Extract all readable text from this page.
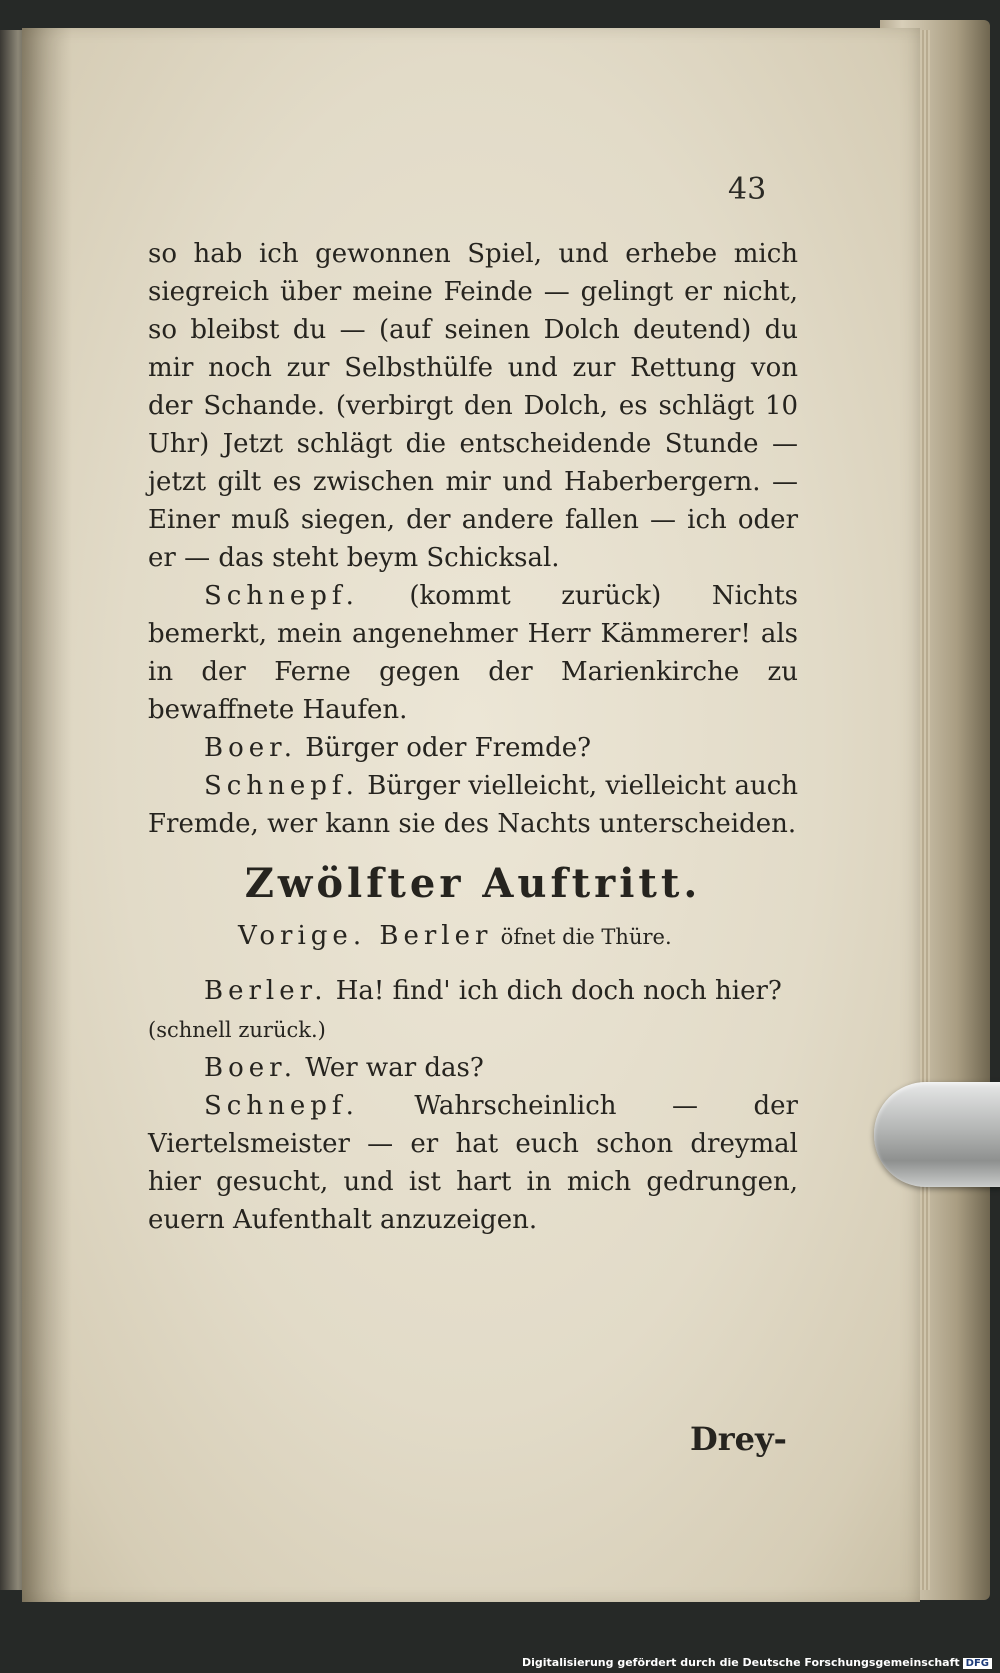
43

so hab ich gewonnen Spiel, und erhebe mich siegreich über meine Feinde — gelingt er nicht, so bleibst du — (auf seinen Dolch deutend) du mir noch zur Selbsthülfe und zur Rettung von der Schande. (verbirgt den Dolch, es schlägt 10 Uhr) Jetzt schlägt die entscheidende Stunde — jetzt gilt es zwischen mir und Haberbergern. — Einer muß siegen, der andere fallen — ich oder er — das steht beym Schicksal.

Schnepf. (kommt zurück) Nichts bemerkt, mein angenehmer Herr Kämmerer! als in der Ferne gegen der Marienkirche zu bewaffnete Haufen.

Boer. Bürger oder Fremde?

Schnepf. Bürger vielleicht, vielleicht auch Fremde, wer kann sie des Nachts unterscheiden.

Zwölfter Auftritt.

Vorige. Berler öfnet die Thüre.

Berler. Ha! find' ich dich doch noch hier?
(schnell zurück.)

Boer. Wer war das?

Schnepf. Wahrscheinlich — der Viertelsmeister — er hat euch schon dreymal hier gesucht, und ist hart in mich gedrungen, euern Aufenthalt anzuzeigen.

Drey-
Digitalisierung gefördert durch die Deutsche Forschungsgemeinschaft DFG
